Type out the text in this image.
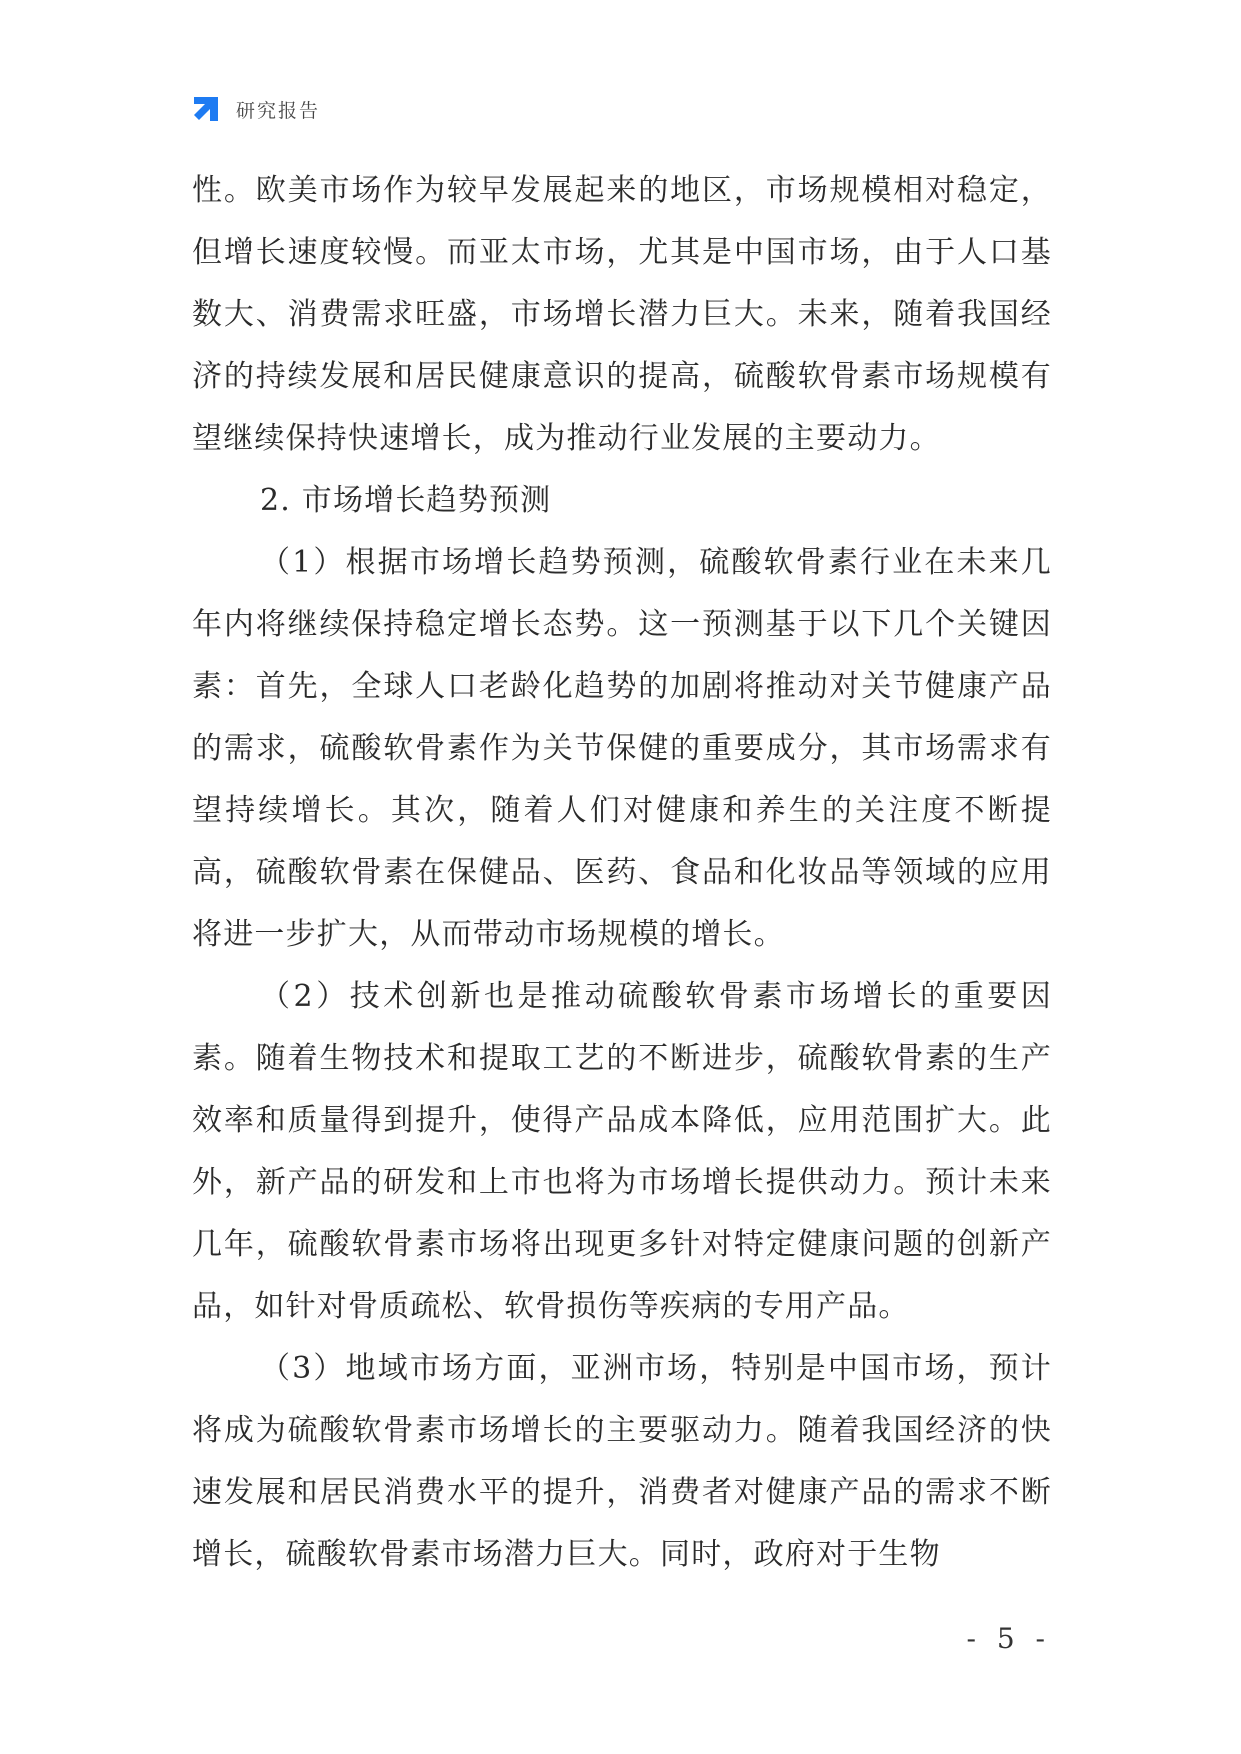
研究报告

性。欧美市场作为较早发展起来的地区，市场规模相对稳定，但增长速度较慢。而亚太市场，尤其是中国市场，由于人口基数大、消费需求旺盛，市场增长潜力巨大。未来，随着我国经济的持续发展和居民健康意识的提高，硫酸软骨素市场规模有望继续保持快速增长，成为推动行业发展的主要动力。

2. 市场增长趋势预测

（1）根据市场增长趋势预测，硫酸软骨素行业在未来几年内将继续保持稳定增长态势。这一预测基于以下几个关键因素：首先，全球人口老龄化趋势的加剧将推动对关节健康产品的需求，硫酸软骨素作为关节保健的重要成分，其市场需求有望持续增长。其次，随着人们对健康和养生的关注度不断提高，硫酸软骨素在保健品、医药、食品和化妆品等领域的应用将进一步扩大，从而带动市场规模的增长。

（2）技术创新也是推动硫酸软骨素市场增长的重要因素。随着生物技术和提取工艺的不断进步，硫酸软骨素的生产效率和质量得到提升，使得产品成本降低，应用范围扩大。此外，新产品的研发和上市也将为市场增长提供动力。预计未来几年，硫酸软骨素市场将出现更多针对特定健康问题的创新产品，如针对骨质疏松、软骨损伤等疾病的专用产品。

（3）地域市场方面，亚洲市场，特别是中国市场，预计将成为硫酸软骨素市场增长的主要驱动力。随着我国经济的快速发展和居民消费水平的提升，消费者对健康产品的需求不断增长，硫酸软骨素市场潜力巨大。同时，政府对于生物

- 5 -
